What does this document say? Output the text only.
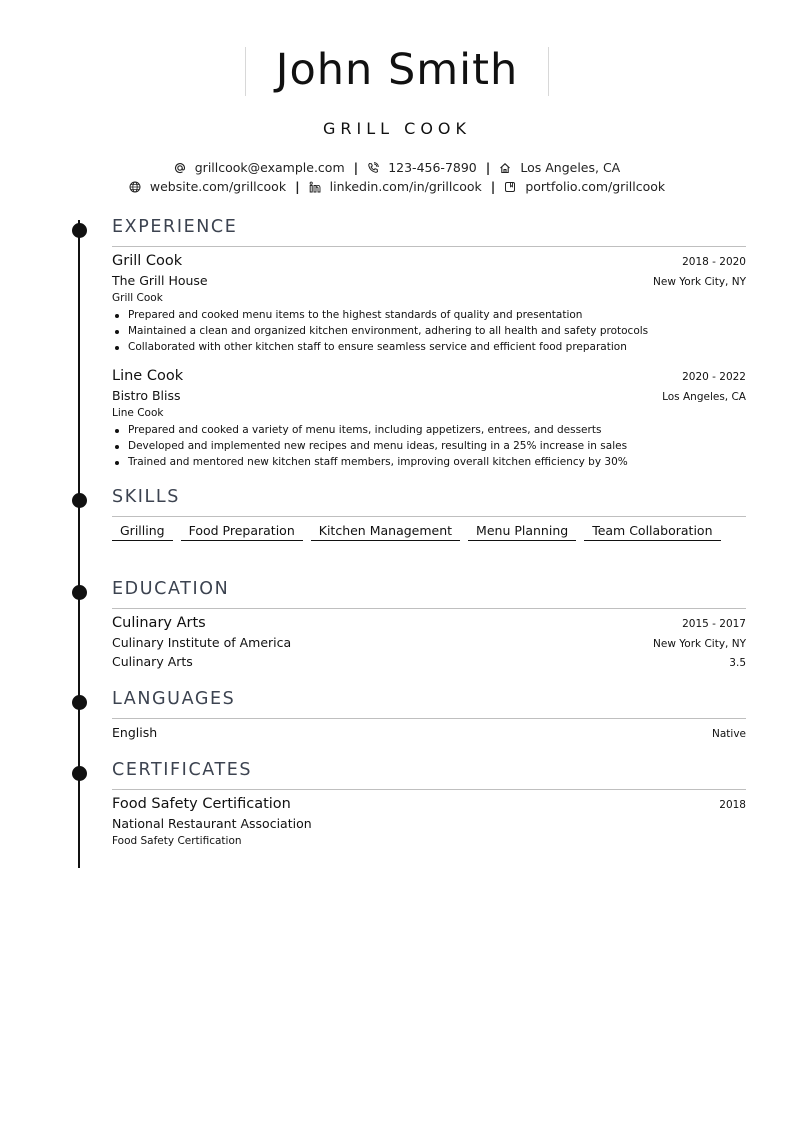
John Smith
GRILL COOK
grillcook@example.com | 123-456-7890 | Los Angeles, CA
website.com/grillcook | linkedin.com/in/grillcook | portfolio.com/grillcook
EXPERIENCE
Grill Cook	2018 - 2020
The Grill House	New York City, NY
Grill Cook
Prepared and cooked menu items to the highest standards of quality and presentation
Maintained a clean and organized kitchen environment, adhering to all health and safety protocols
Collaborated with other kitchen staff to ensure seamless service and efficient food preparation
Line Cook	2020 - 2022
Bistro Bliss	Los Angeles, CA
Line Cook
Prepared and cooked a variety of menu items, including appetizers, entrees, and desserts
Developed and implemented new recipes and menu ideas, resulting in a 25% increase in sales
Trained and mentored new kitchen staff members, improving overall kitchen efficiency by 30%
SKILLS
Grilling	Food Preparation	Kitchen Management	Menu Planning	Team Collaboration
EDUCATION
Culinary Arts	2015 - 2017
Culinary Institute of America	New York City, NY
Culinary Arts	3.5
LANGUAGES
English	Native
CERTIFICATES
Food Safety Certification	2018
National Restaurant Association
Food Safety Certification
